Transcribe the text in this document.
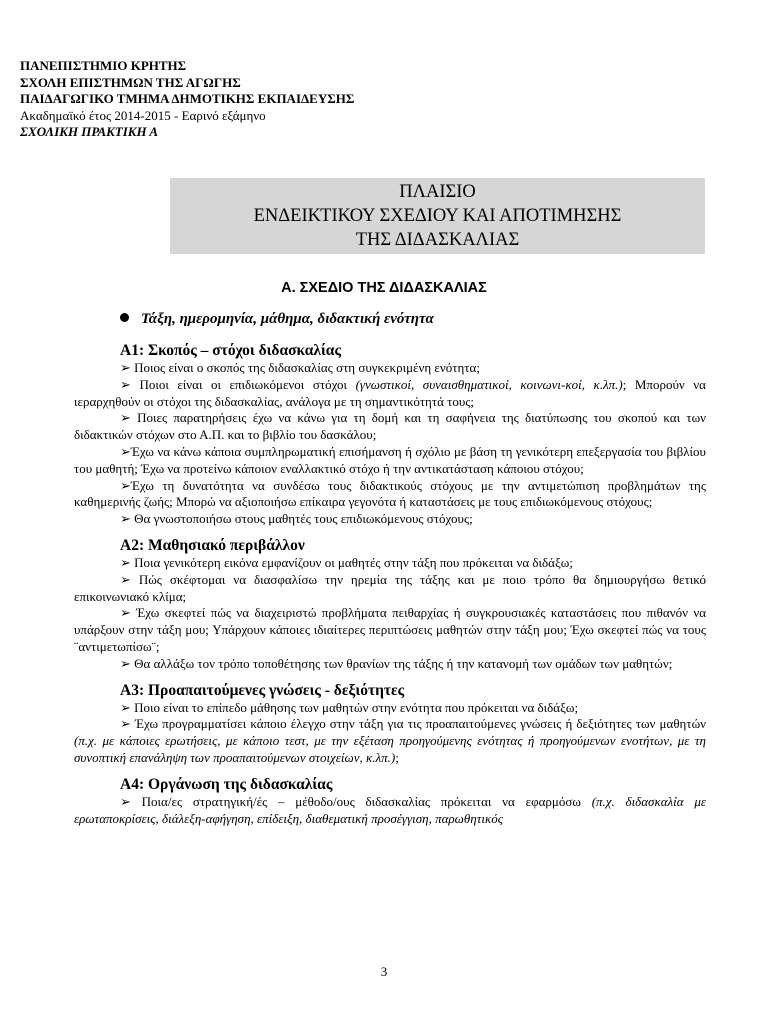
ΠΑΝΕΠΙΣΤΗΜΙΟ ΚΡΗΤΗΣ
ΣΧΟΛΗ ΕΠΙΣΤΗΜΩΝ ΤΗΣ ΑΓΩΓΗΣ
ΠΑΙΔΑΓΩΓΙΚΟ ΤΜΗΜΑ ΔΗΜΟΤΙΚΗΣ ΕΚΠΑΙΔΕΥΣΗΣ
Ακαδημαϊκό έτος 2014-2015 - Εαρινό εξάμηνο
ΣΧΟΛΙΚΗ ΠΡΑΚΤΙΚΗ Α
ΠΛΑΙΣΙΟ
ΕΝΔΕΙΚΤΙΚΟΥ ΣΧΕΔΙΟΥ ΚΑΙ ΑΠΟΤΙΜΗΣΗΣ
ΤΗΣ ΔΙΔΑΣΚΑΛΙΑΣ
Α. ΣΧΕΔΙΟ ΤΗΣ ΔΙΔΑΣΚΑΛΙΑΣ
Τάξη, ημερομηνία, μάθημα, διδακτική ενότητα
Α1: Σκοπός – στόχοι διδασκαλίας
➢ Ποιος είναι ο σκοπός της διδασκαλίας στη συγκεκριμένη ενότητα;
➢ Ποιοι είναι οι επιδιωκόμενοι στόχοι (γνωστικοί, συναισθηματικοί, κοινωνι-κοί, κ.λπ.); Μπορούν να ιεραρχηθούν οι στόχοι της διδασκαλίας, ανάλογα με τη σημαντικότητά τους;
➢ Ποιες παρατηρήσεις έχω να κάνω για τη δομή και τη σαφήνεια της διατύπωσης του σκοπού και των διδακτικών στόχων στο Α.Π. και το βιβλίο του δασκάλου;
➢Έχω να κάνω κάποια συμπληρωματική επισήμανση ή σχόλιο με βάση τη γενικότερη επεξεργασία του βιβλίου του μαθητή; Έχω να προτείνω κάποιον εναλλακτικό στόχο ή την αντικατάσταση κάποιου στόχου;
➢Έχω τη δυνατότητα να συνδέσω τους διδακτικούς στόχους με την αντιμετώπιση προβλημάτων της καθημερινής ζωής; Μπορώ να αξιοποιήσω επίκαιρα γεγονότα ή καταστάσεις με τους επιδιωκόμενους στόχους;
➢ Θα γνωστοποιήσω στους μαθητές τους επιδιωκόμενους στόχους;
Α2: Μαθησιακό περιβάλλον
➢ Ποια γενικότερη εικόνα εμφανίζουν οι μαθητές στην τάξη που πρόκειται να διδάξω;
➢ Πώς σκέφτομαι να διασφαλίσω την ηρεμία της τάξης και με ποιο τρόπο θα δημιουργήσω θετικό επικοινωνιακό κλίμα;
➢ Έχω σκεφτεί πώς να διαχειριστώ προβλήματα πειθαρχίας ή συγκρουσιακές καταστάσεις που πιθανόν να υπάρξουν στην τάξη μου; Υπάρχουν κάποιες ιδιαίτερες περιπτώσεις μαθητών στην τάξη μου; Έχω σκεφτεί πώς να τους ¨αντιμετωπίσω¨;
➢ Θα αλλάξω τον τρόπο τοποθέτησης των θρανίων της τάξης ή την κατανομή των ομάδων των μαθητών;
Α3: Προαπαιτούμενες γνώσεις - δεξιότητες
➢ Ποιο είναι το επίπεδο μάθησης των μαθητών στην ενότητα που πρόκειται να διδάξω;
➢ Έχω προγραμματίσει κάποιο έλεγχο στην τάξη για τις προαπαιτούμενες γνώσεις ή δεξιότητες των μαθητών (π.χ. με κάποιες ερωτήσεις, με κάποιο τεστ, με την εξέταση προηγούμενης ενότητας ή προηγούμενων ενοτήτων, με τη συνοπτική επανάληψη των προαπαιτούμενων στοιχείων, κ.λπ.);
Α4: Οργάνωση της διδασκαλίας
➢ Ποια/ες στρατηγική/ές – μέθοδο/ους διδασκαλίας πρόκειται να εφαρμόσω (π.χ. διδασκαλία με ερωταποκρίσεις, διάλεξη-αφήγηση, επίδειξη, διαθεματική προσέγγιση, παρωθητικός
3
